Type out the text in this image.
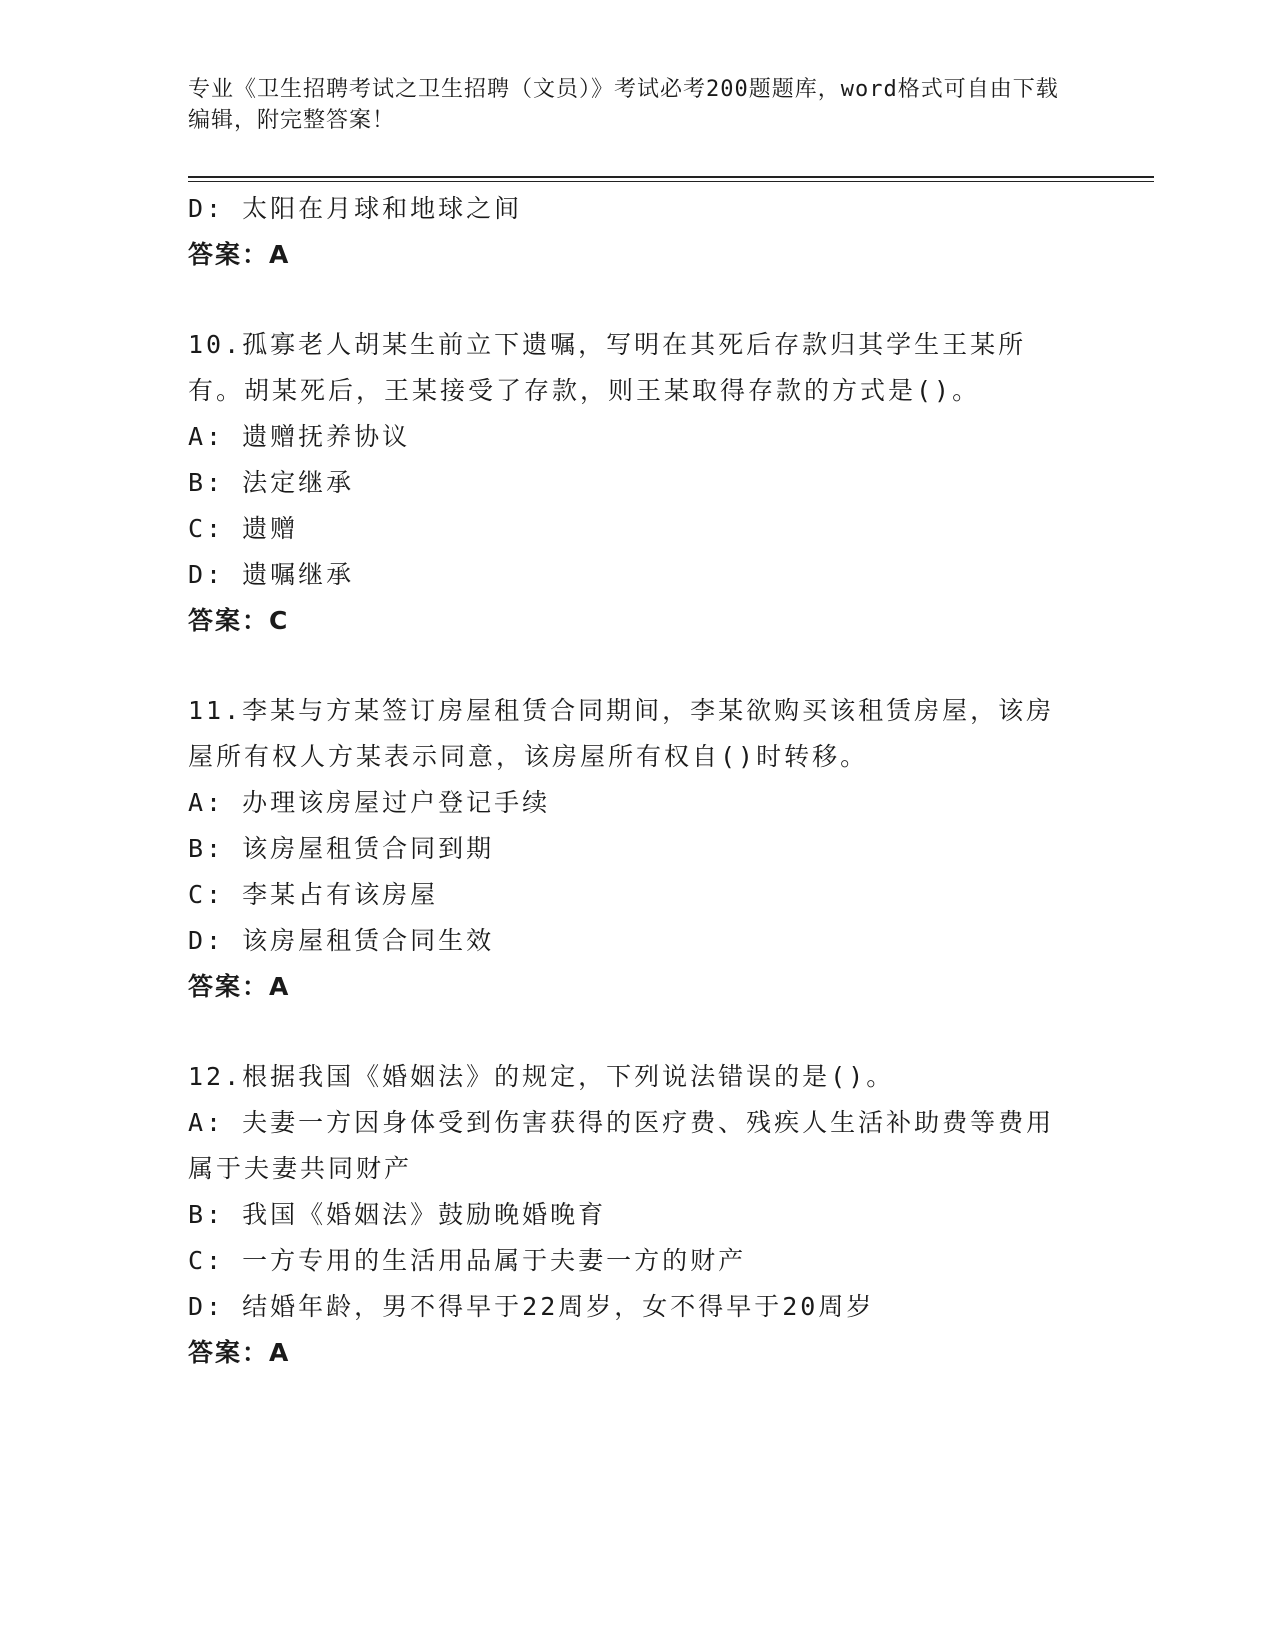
专业《卫生招聘考试之卫生招聘（文员）》考试必考200题题库，word格式可自由下载编辑，附完整答案！
D: 太阳在月球和地球之间
答案：A
10.孤寡老人胡某生前立下遗嘱，写明在其死后存款归其学生王某所有。胡某死后，王某接受了存款，则王某取得存款的方式是()。
A: 遗赠抚养协议
B: 法定继承
C: 遗赠
D: 遗嘱继承
答案：C
11.李某与方某签订房屋租赁合同期间，李某欲购买该租赁房屋，该房屋所有权人方某表示同意，该房屋所有权自()时转移。
A: 办理该房屋过户登记手续
B: 该房屋租赁合同到期
C: 李某占有该房屋
D: 该房屋租赁合同生效
答案：A
12.根据我国《婚姻法》的规定，下列说法错误的是()。
A: 夫妻一方因身体受到伤害获得的医疗费、残疾人生活补助费等费用属于夫妻共同财产
B: 我国《婚姻法》鼓励晚婚晚育
C: 一方专用的生活用品属于夫妻一方的财产
D: 结婚年龄，男不得早于22周岁，女不得早于20周岁
答案：A
